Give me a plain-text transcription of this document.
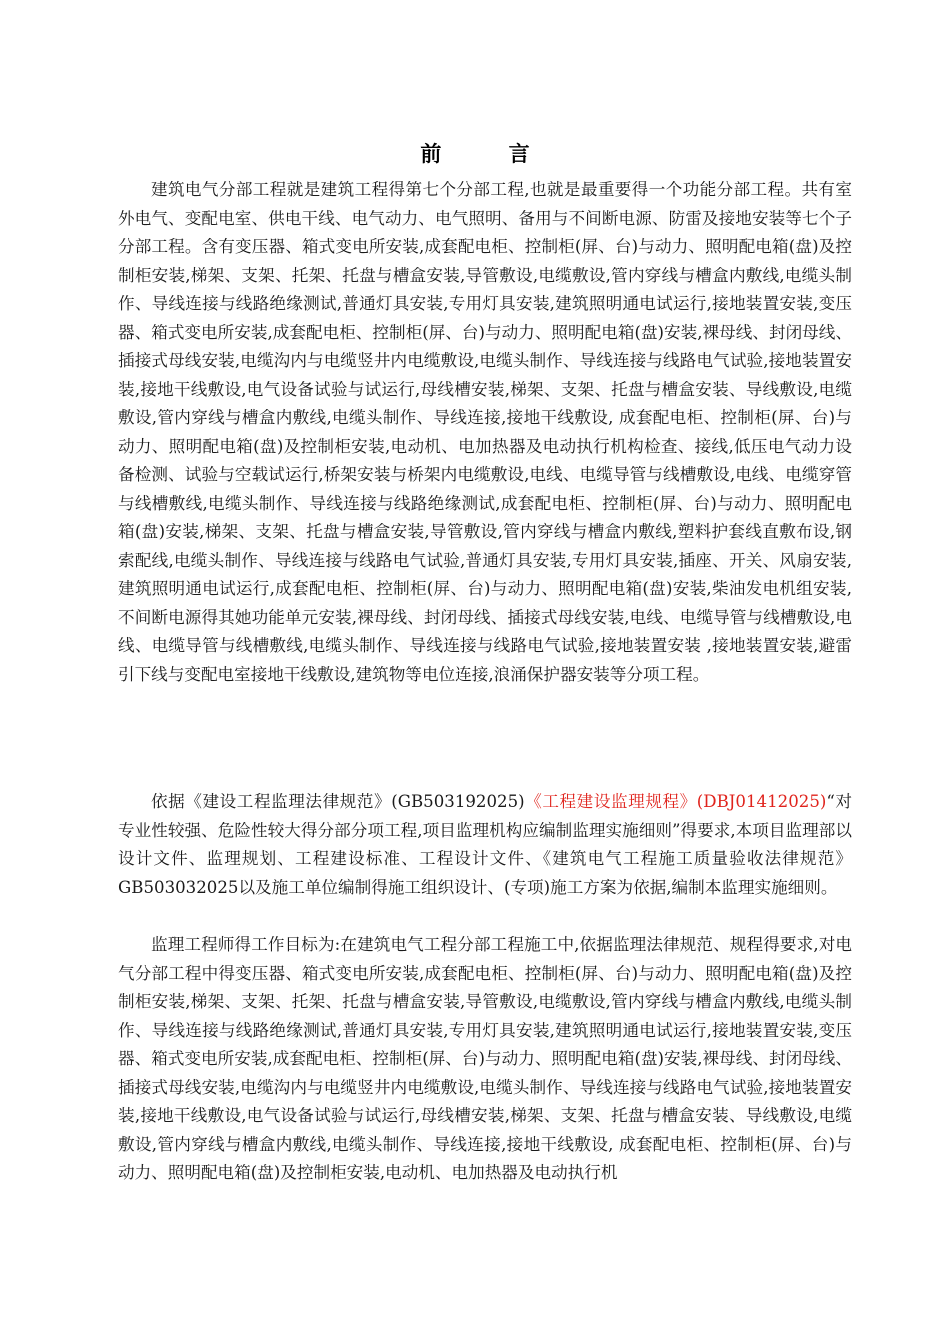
前 言

建筑电气分部工程就是建筑工程得第七个分部工程,也就是最重要得一个功能分部工程。共有室外电气、变配电室、供电干线、电气动力、电气照明、备用与不间断电源、防雷及接地安装等七个子分部工程。含有变压器、箱式变电所安装,成套配电柜、控制柜(屏、台)与动力、照明配电箱(盘)及控制柜安装,梯架、支架、托架、托盘与槽盒安装,导管敷设,电缆敷设,管内穿线与槽盒内敷线,电缆头制作、导线连接与线路绝缘测试,普通灯具安装,专用灯具安装,建筑照明通电试运行,接地装置安装,变压器、箱式变电所安装,成套配电柜、控制柜(屏、台)与动力、照明配电箱(盘)安装,裸母线、封闭母线、插接式母线安装,电缆沟内与电缆竖井内电缆敷设,电缆头制作、导线连接与线路电气试验,接地装置安装,接地干线敷设,电气设备试验与试运行,母线槽安装,梯架、支架、托盘与槽盒安装、导线敷设,电缆敷设,管内穿线与槽盒内敷线,电缆头制作、导线连接,接地干线敷设, 成套配电柜、控制柜(屏、台)与动力、照明配电箱(盘)及控制柜安装,电动机、电加热器及电动执行机构检查、接线,低压电气动力设备检测、试验与空载试运行,桥架安装与桥架内电缆敷设,电线、电缆导管与线槽敷设,电线、电缆穿管与线槽敷线,电缆头制作、导线连接与线路绝缘测试,成套配电柜、控制柜(屏、台)与动力、照明配电箱(盘)安装,梯架、支架、托盘与槽盒安装,导管敷设,管内穿线与槽盒内敷线,塑料护套线直敷布设,钢索配线,电缆头制作、导线连接与线路电气试验,普通灯具安装,专用灯具安装,插座、开关、风扇安装,建筑照明通电试运行,成套配电柜、控制柜(屏、台)与动力、照明配电箱(盘)安装,柴油发电机组安装,不间断电源得其她功能单元安装,裸母线、封闭母线、插接式母线安装,电线、电缆导管与线槽敷设,电线、电缆导管与线槽敷线,电缆头制作、导线连接与线路电气试验,接地装置安装 ,接地装置安装,避雷引下线与变配电室接地干线敷设,建筑物等电位连接,浪涌保护器安装等分项工程。

依据《建设工程监理法律规范》(GB503192025)《工程建设监理规程》(DBJ01412025)“对专业性较强、危险性较大得分部分项工程,项目监理机构应编制监理实施细则”得要求,本项目监理部以设计文件、监理规划、工程建设标准、工程设计文件、《建筑电气工程施工质量验收法律规范》 GB503032025以及施工单位编制得施工组织设计、(专项)施工方案为依据,编制本监理实施细则。

监理工程师得工作目标为:在建筑电气工程分部工程施工中,依据监理法律规范、规程得要求,对电气分部工程中得变压器、箱式变电所安装,成套配电柜、控制柜(屏、台)与动力、照明配电箱(盘)及控制柜安装,梯架、支架、托架、托盘与槽盒安装,导管敷设,电缆敷设,管内穿线与槽盒内敷线,电缆头制作、导线连接与线路绝缘测试,普通灯具安装,专用灯具安装,建筑照明通电试运行,接地装置安装,变压器、箱式变电所安装,成套配电柜、控制柜(屏、台)与动力、照明配电箱(盘)安装,裸母线、封闭母线、插接式母线安装,电缆沟内与电缆竖井内电缆敷设,电缆头制作、导线连接与线路电气试验,接地装置安装,接地干线敷设,电气设备试验与试运行,母线槽安装,梯架、支架、托盘与槽盒安装、导线敷设,电缆敷设,管内穿线与槽盒内敷线,电缆头制作、导线连接,接地干线敷设, 成套配电柜、控制柜(屏、台)与动力、照明配电箱(盘)及控制柜安装,电动机、电加热器及电动执行机
